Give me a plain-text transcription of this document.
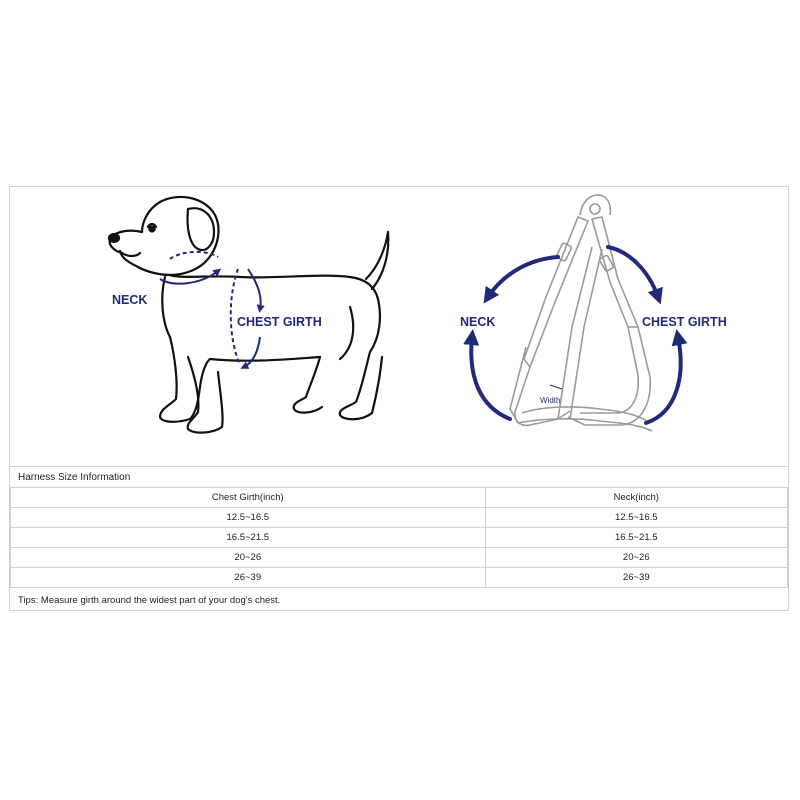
NECK
CHEST GIRTH
Width
NECK	CHEST GIRTH
Harness Size Information
Chest Girth(inch)	Neck(inch)
12.5~16.5	12.5~16.5
16.5~21.5	16.5~21.5
20~26	20~26
26~39	26~39
Tips: Measure girth around the widest part of your dog's chest.
